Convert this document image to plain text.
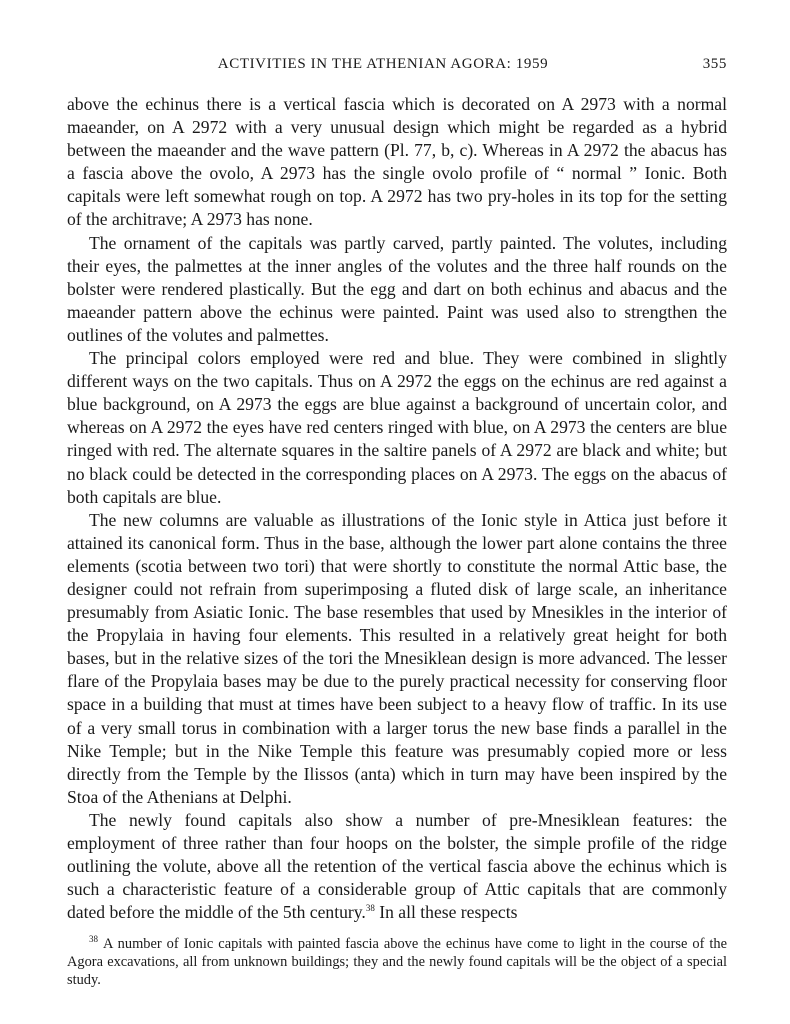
ACTIVITIES IN THE ATHENIAN AGORA: 1959	355

above the echinus there is a vertical fascia which is decorated on A 2973 with a normal maeander, on A 2972 with a very unusual design which might be regarded as a hybrid between the maeander and the wave pattern (Pl. 77, b, c). Whereas in A 2972 the abacus has a fascia above the ovolo, A 2973 has the single ovolo profile of “ normal ” Ionic. Both capitals were left somewhat rough on top. A 2972 has two pry-holes in its top for the setting of the architrave; A 2973 has none.

The ornament of the capitals was partly carved, partly painted. The volutes, including their eyes, the palmettes at the inner angles of the volutes and the three half rounds on the bolster were rendered plastically. But the egg and dart on both echinus and abacus and the maeander pattern above the echinus were painted. Paint was used also to strengthen the outlines of the volutes and palmettes.

The principal colors employed were red and blue. They were combined in slightly different ways on the two capitals. Thus on A 2972 the eggs on the echinus are red against a blue background, on A 2973 the eggs are blue against a background of uncertain color, and whereas on A 2972 the eyes have red centers ringed with blue, on A 2973 the centers are blue ringed with red. The alternate squares in the saltire panels of A 2972 are black and white; but no black could be detected in the corresponding places on A 2973. The eggs on the abacus of both capitals are blue.

The new columns are valuable as illustrations of the Ionic style in Attica just before it attained its canonical form. Thus in the base, although the lower part alone contains the three elements (scotia between two tori) that were shortly to constitute the normal Attic base, the designer could not refrain from superimposing a fluted disk of large scale, an inheritance presumably from Asiatic Ionic. The base resembles that used by Mnesikles in the interior of the Propylaia in having four elements. This resulted in a relatively great height for both bases, but in the relative sizes of the tori the Mnesiklean design is more advanced. The lesser flare of the Propylaia bases may be due to the purely practical necessity for conserving floor space in a building that must at times have been subject to a heavy flow of traffic. In its use of a very small torus in combination with a larger torus the new base finds a parallel in the Nike Temple; but in the Nike Temple this feature was presumably copied more or less directly from the Temple by the Ilissos (anta) which in turn may have been inspired by the Stoa of the Athenians at Delphi.

The newly found capitals also show a number of pre-Mnesiklean features: the employment of three rather than four hoops on the bolster, the simple profile of the ridge outlining the volute, above all the retention of the vertical fascia above the echinus which is such a characteristic feature of a considerable group of Attic capitals that are commonly dated before the middle of the 5th century.$^{38}$ In all these respects

$^{38}$ A number of Ionic capitals with painted fascia above the echinus have come to light in the course of the Agora excavations, all from unknown buildings; they and the newly found capitals will be the object of a special study.
